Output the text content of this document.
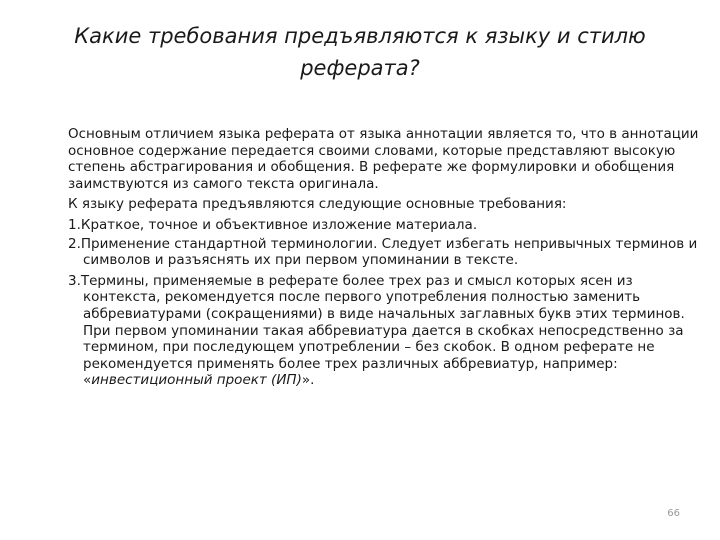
Какие требования предъявляются к языку и стилю
реферата?

Основным отличием языка реферата от языка аннотации является то, что в аннотации основное содержание передается своими словами, которые представляют высокую степень абстрагирования и обобщения. В реферате же формулировки и обобщения заимствуются из самого текста оригинала.

К языку реферата предъявляются следующие основные требования:

1.Краткое, точное и объективное изложение материала.

2.Применение стандартной терминологии. Следует избегать непривычных терминов и символов и разъяснять их при первом упоминании в тексте.

3.Термины, применяемые в реферате более трех раз и смысл которых ясен из контекста, рекомендуется после первого употребления полностью заменить аббревиатурами (сокращениями) в виде начальных заглавных букв этих терминов. При первом упоминании такая аббревиатура дается в скобках непосредственно за термином, при последующем употреблении – без скобок. В одном реферате не рекомендуется применять более трех различных аббревиатур, например: «инвестиционный проект (ИП)».

66
